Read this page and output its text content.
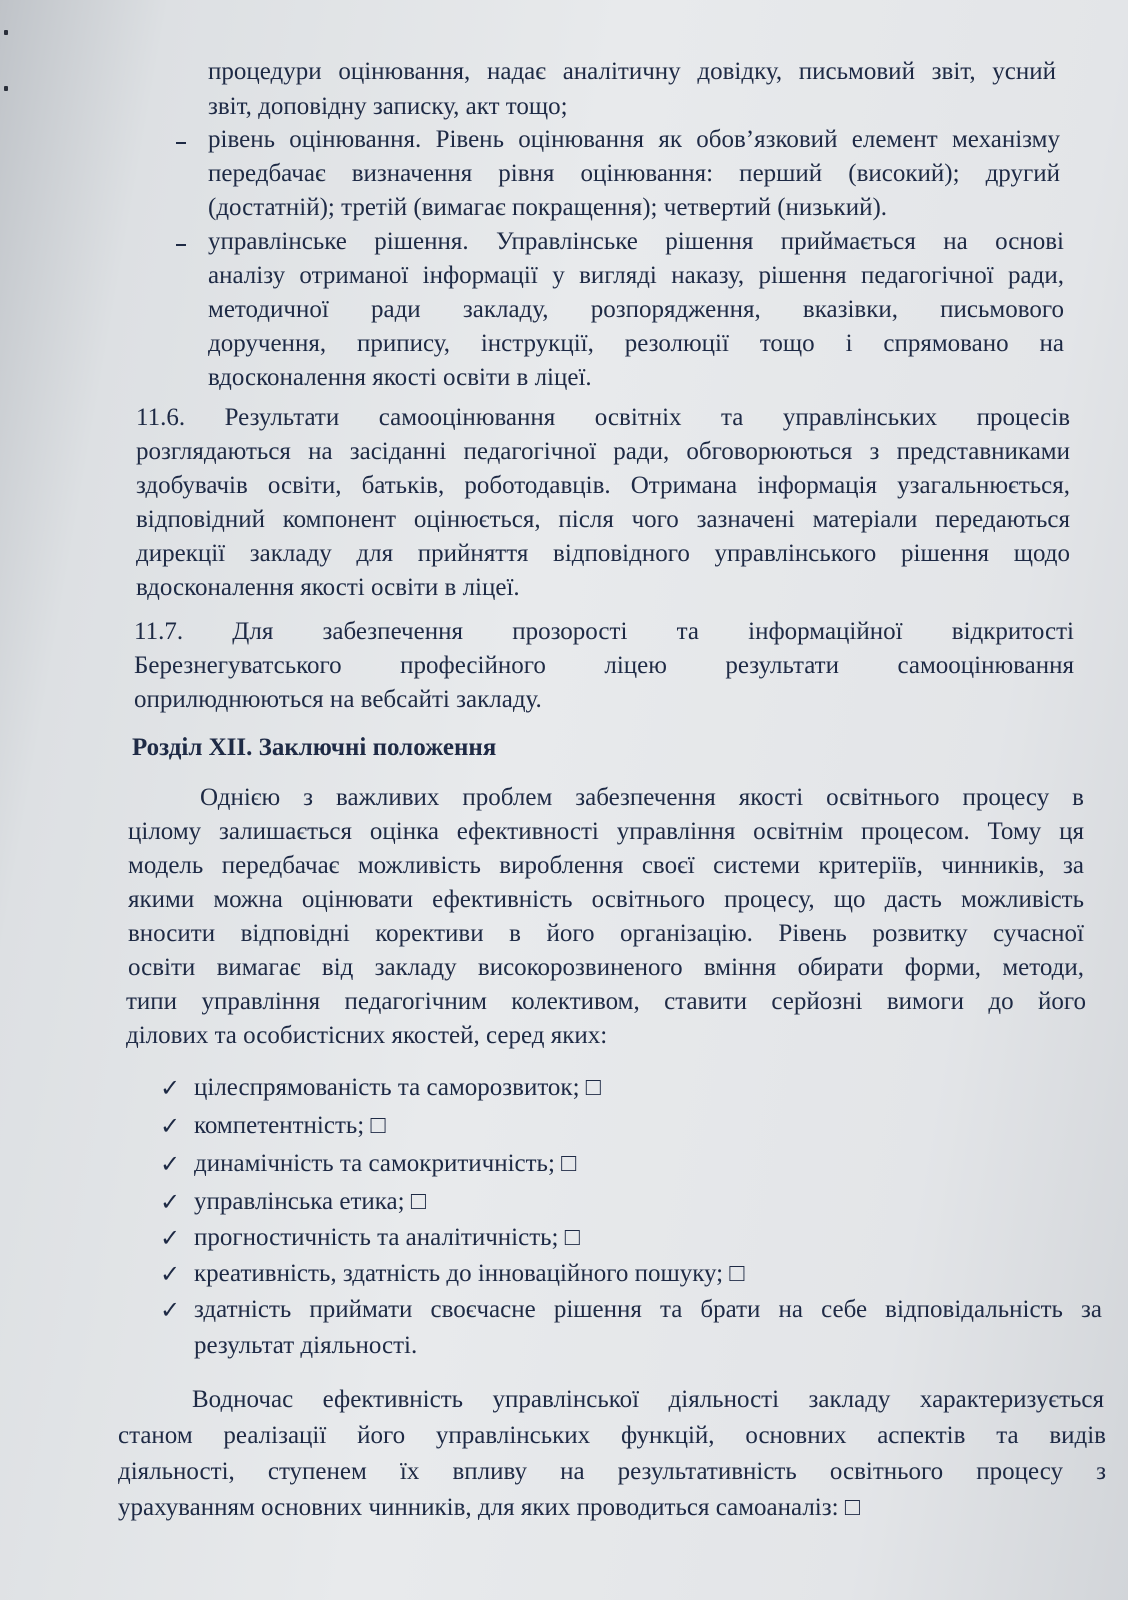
процедури оцінювання, надає аналітичну довідку, письмовий звіт, усний
звіт, доповідну записку, акт тощо;
рівень оцінювання. Рівень оцінювання як обов’язковий елемент механізму
передбачає визначення рівня оцінювання: перший (високий); другий
(достатній); третій (вимагає покращення); четвертий (низький).
управлінське рішення. Управлінське рішення приймається на основі
аналізу отриманої інформації у вигляді наказу, рішення педагогічної ради,
методичної ради закладу, розпорядження, вказівки, письмового
доручення, припису, інструкції, резолюції тощо і спрямовано на
вдосконалення якості освіти в ліцеї.
11.6. Результати самооцінювання освітніх та управлінських процесів
розглядаються на засіданні педагогічної ради, обговорюються з представниками
здобувачів освіти, батьків, роботодавців. Отримана інформація узагальнюється,
відповідний компонент оцінюється, після чого зазначені матеріали передаються
дирекції закладу для прийняття відповідного управлінського рішення щодо
вдосконалення якості освіти в ліцеї.
11.7. Для забезпечення прозорості та інформаційної відкритості
Березнегуватського професійного ліцею результати самооцінювання
оприлюднюються на вебсайті закладу.
Розділ XII. Заключні положення
Однією з важливих проблем забезпечення якості освітнього процесу в
цілому залишається оцінка ефективності управління освітнім процесом. Тому ця
модель передбачає можливість вироблення своєї системи критеріїв, чинників, за
якими можна оцінювати ефективність освітнього процесу, що дасть можливість
вносити відповідні корективи в його організацію. Рівень розвитку сучасної
освіти вимагає від закладу високорозвиненого вміння обирати форми, методи,
типи управління педагогічним колективом, ставити серйозні вимоги до його
ділових та особистісних якостей, серед яких:
✓ цілеспрямованість та саморозвиток; □
✓ компетентність; □
✓ динамічність та самокритичність; □
✓ управлінська етика; □
✓ прогностичність та аналітичність; □
✓ креативність, здатність до інноваційного пошуку; □
✓ здатність приймати своєчасне рішення та брати на себе відповідальність за
результат діяльності.
Водночас ефективність управлінської діяльності закладу характеризується
станом реалізації його управлінських функцій, основних аспектів та видів
діяльності, ступенем їх впливу на результативність освітнього процесу з
урахуванням основних чинників, для яких проводиться самоаналіз: □
